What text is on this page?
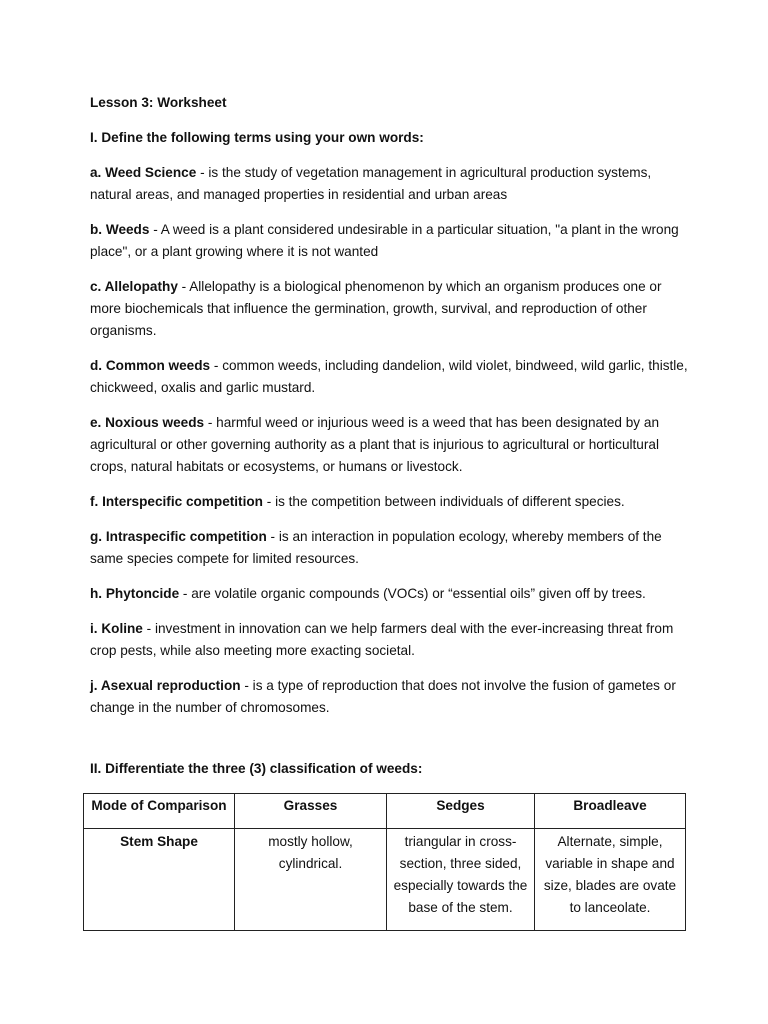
Lesson 3: Worksheet

I. Define the following terms using your own words:

a. Weed Science - is the study of vegetation management in agricultural production systems, natural areas, and managed properties in residential and urban areas

b. Weeds - A weed is a plant considered undesirable in a particular situation, "a plant in the wrong place", or a plant growing where it is not wanted

c. Allelopathy - Allelopathy is a biological phenomenon by which an organism produces one or more biochemicals that influence the germination, growth, survival, and reproduction of other organisms.

d. Common weeds - common weeds, including dandelion, wild violet, bindweed, wild garlic, thistle, chickweed, oxalis and garlic mustard.

e. Noxious weeds - harmful weed or injurious weed is a weed that has been designated by an agricultural or other governing authority as a plant that is injurious to agricultural or horticultural crops, natural habitats or ecosystems, or humans or livestock.

f. Interspecific competition - is the competition between individuals of different species.

g. Intraspecific competition - is an interaction in population ecology, whereby members of the same species compete for limited resources.

h. Phytoncide - are volatile organic compounds (VOCs) or “essential oils” given off by trees.

i. Koline - investment in innovation can we help farmers deal with the ever-increasing threat from crop pests, while also meeting more exacting societal.

j. Asexual reproduction - is a type of reproduction that does not involve the fusion of gametes or change in the number of chromosomes.

II. Differentiate the three (3) classification of weeds:

Mode of Comparison	Grasses	Sedges	Broadleave
Stem Shape	mostly hollow, cylindrical.	triangular in cross-section, three sided, especially towards the base of the stem.	Alternate, simple, variable in shape and size, blades are ovate to lanceolate.
